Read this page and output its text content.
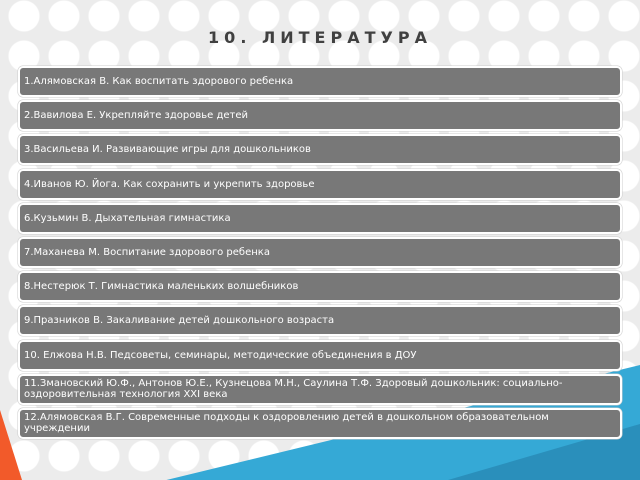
10. ЛИТЕРАТУРА
1.Алямовская В. Как воспитать здорового ребенка
2.Вавилова Е. Укрепляйте здоровье детей
3.Васильева И. Развивающие игры для дошкольников
4.Иванов Ю. Йога. Как сохранить и укрепить здоровье
6.Кузьмин В. Дыхательная гимнастика
7.Маханева М. Воспитание здорового ребенка
8.Нестерюк Т. Гимнастика маленьких волшебников
9.Празников В. Закаливание детей дошкольного возраста
10. Елжова Н.В. Педсоветы, семинары, методические объединения в ДОУ
11.Змановский Ю.Ф., Антонов Ю.Е., Кузнецова М.Н., Саулина Т.Ф. Здоровый дошкольник: социально-оздоровительная технология XXI века
12.Алямовская В.Г. Современные подходы к оздоровлению детей в дошкольном образовательном учреждении
